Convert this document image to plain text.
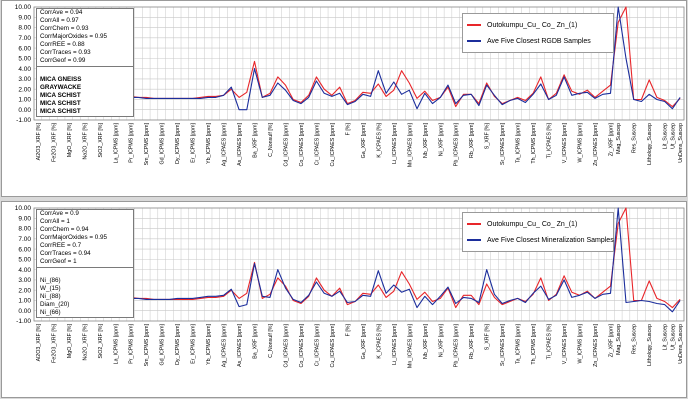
10.00
9.00
8.00
7.00
6.00
5.00
4.00
3.00
2.00
1.00
0.00
-1.00
Al2O3_XRF [%] Fe2O3_XRF [%] MgO_XRF [%] Na2O_XRF [%] SiO2_XRF [%] La_ICPMS [ppm] Pr_ICPMS [ppm] Sm_ICPMS [ppm] Gd_ICPMS [ppm] Dy_ICPMS [ppm] Er_ICPMS [ppm] Yb_ICPMS [ppm] Ag_ICPAES [ppm] As_ICPAES [ppm] Ba_XRF [ppm] C_Nonsulf [%] Cd_ICPAES [ppm] Co_ICPAES [ppm] Cr_ICPAES [ppm] Cu_ICPAES [ppm] F [%] Ga_XRF [ppm] K_ICPAES [%] Li_ICPAES [ppm] Mn_ICPAES [ppm] Nb_XRF [ppm] Ni_XRF [ppm] Pb_ICPAES [ppm] Rb_XRF [ppm] S_XRF [%] Sr_ICPAES [ppm] Ta_ICPMS [ppm] Th_ICPMS [ppm] Ti_ICPAES [%] V_ICPAES [ppm] W_ICPMS [ppm] Zn_ICPAES [ppm] Zr_XRF [ppm] Mag_Suscep Res_Suscep Lithology_Suscep Lit_Suscep Ut_Suscep UnDens_Suscep
CorrAve = 0.94
CorrAll = 0.97
CorrChem = 0.93
CorrMajorOxides = 0.95
CorrREE = 0.88
CorrTraces = 0.93
CorrGeof = 0.99

MICA GNEISS
GRAYWACKE
MICA SCHIST
MICA SCHIST
MICA SCHIST
Outokumpu_Cu_ Co_ Zn_(1)
Ave Five Closest RGDB Samples
10.00
9.00
8.00
7.00
6.00
5.00
4.00
3.00
2.00
1.00
0.00
-1.00
Al2O3_XRF [%] Fe2O3_XRF [%] MgO_XRF [%] Na2O_XRF [%] SiO2_XRF [%] La_ICPMS [ppm] Pr_ICPMS [ppm] Sm_ICPMS [ppm] Gd_ICPMS [ppm] Dy_ICPMS [ppm] Er_ICPMS [ppm] Yb_ICPMS [ppm] Ag_ICPAES [ppm] As_ICPAES [ppm] Ba_XRF [ppm] C_Nonsulf [%] Cd_ICPAES [ppm] Co_ICPAES [ppm] Cr_ICPAES [ppm] Cu_ICPAES [ppm] F [%] Ga_XRF [ppm] K_ICPAES [%] Li_ICPAES [ppm] Mn_ICPAES [ppm] Nb_XRF [ppm] Ni_XRF [ppm] Pb_ICPAES [ppm] Rb_XRF [ppm] S_XRF [%] Sr_ICPAES [ppm] Ta_ICPMS [ppm] Th_ICPMS [ppm] Ti_ICPAES [%] V_ICPAES [ppm] W_ICPMS [ppm] Zn_ICPAES [ppm] Zr_XRF [ppm] Mag_Suscep Res_Suscep Lithology_Suscep Lit_Suscep Ut_Suscep UnDens_Suscep
CorrAve = 0.9
CorrAll = 1
CorrChem = 0.94
CorrMajorOxides = 0.95
CorrREE = 0.7
CorrTraces = 0.94
CorrGeof = 1

Ni_(86)
W_(15)
Ni_(88)
Diam_(20)
Ni_(66)
Outokumpu_Cu_ Co_ Zn_(1)
Ave Five Closest Mineralization Samples
